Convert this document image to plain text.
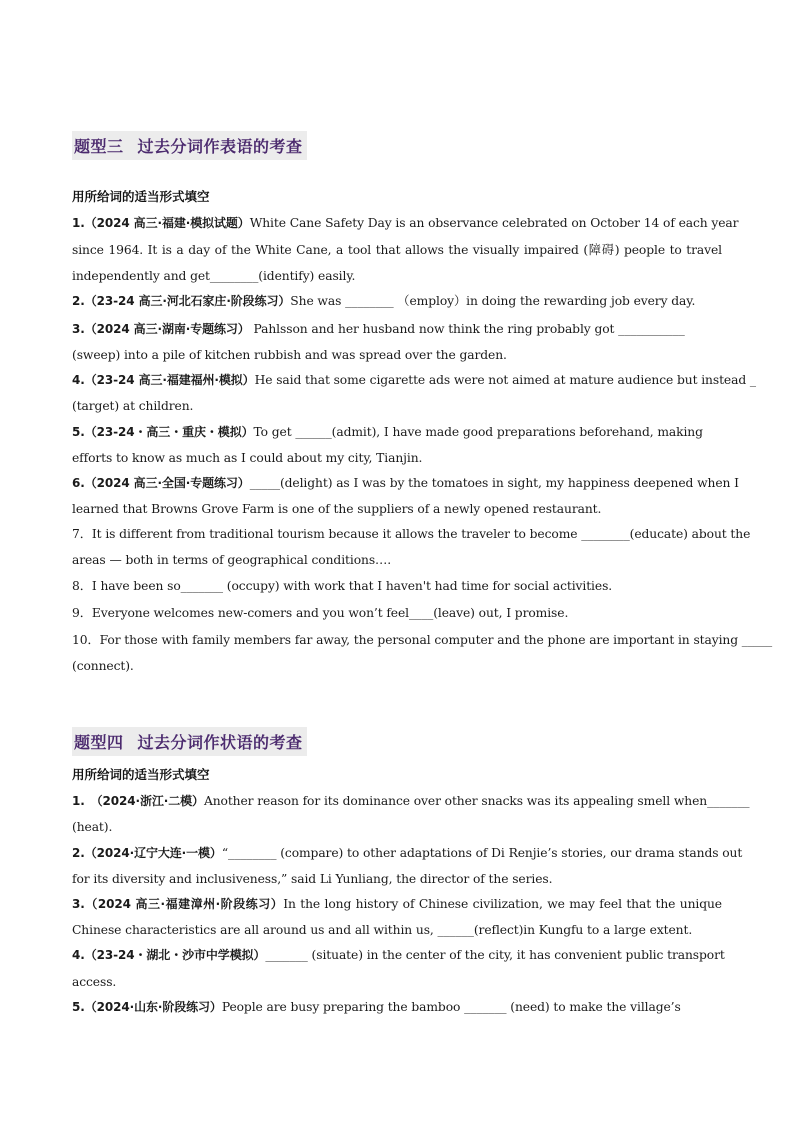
题型三 过去分词作表语的考查
用所给词的适当形式填空
1.（2024 高三·福建·模拟试题）White Cane Safety Day is an observance celebrated on October 14 of each year
since 1964. It is a day of the White Cane, a tool that allows the visually impaired (障碍) people to travel
independently and get________(identify) easily.
2.（23-24 高三·河北石家庄·阶段练习）She was ________ （employ）in doing the rewarding job every day.
3.（2024 高三·湖南·专题练习） Pahlsson and her husband now think the ring probably got ___________
(sweep) into a pile of kitchen rubbish and was spread over the garden.
4.（23-24 高三·福建福州·模拟）He said that some cigarette ads were not aimed at mature audience but instead _
(target) at children.
5.（23-24・高三・重庆・模拟）To get ______(admit), I have made good preparations beforehand, making
efforts to know as much as I could about my city, Tianjin.
6.（2024 高三·全国·专题练习）_____(delight) as I was by the tomatoes in sight, my happiness deepened when I
learned that Browns Grove Farm is one of the suppliers of a newly opened restaurant.
7．It is different from traditional tourism because it allows the traveler to become ________(educate) about the
areas — both in terms of geographical conditions….
8．I have been so_______ (occupy) with work that I haven't had time for social activities.
9．Everyone welcomes new-comers and you won’t feel____(leave) out, I promise.
10．For those with family members far away, the personal computer and the phone are important in staying _____
(connect).
题型四 过去分词作状语的考查
用所给词的适当形式填空
1.　（2024·浙江·二模）Another reason for its dominance over other snacks was its appealing smell when_______
(heat).
2.（2024·辽宁大连·一模）“________ (compare) to other adaptations of Di Renjie’s stories, our drama stands out
for its diversity and inclusiveness,” said Li Yunliang, the director of the series.
3.（2024 高三·福建漳州·阶段练习）In the long history of Chinese civilization, we may feel that the unique
Chinese characteristics are all around us and all within us, ______(reflect)in Kungfu to a large extent.
4.（23-24・湖北・沙市中学模拟）_______ (situate) in the center of the city, it has convenient public transport
access.
5.（2024·山东·阶段练习）People are busy preparing the bamboo _______ (need) to make the village’s
